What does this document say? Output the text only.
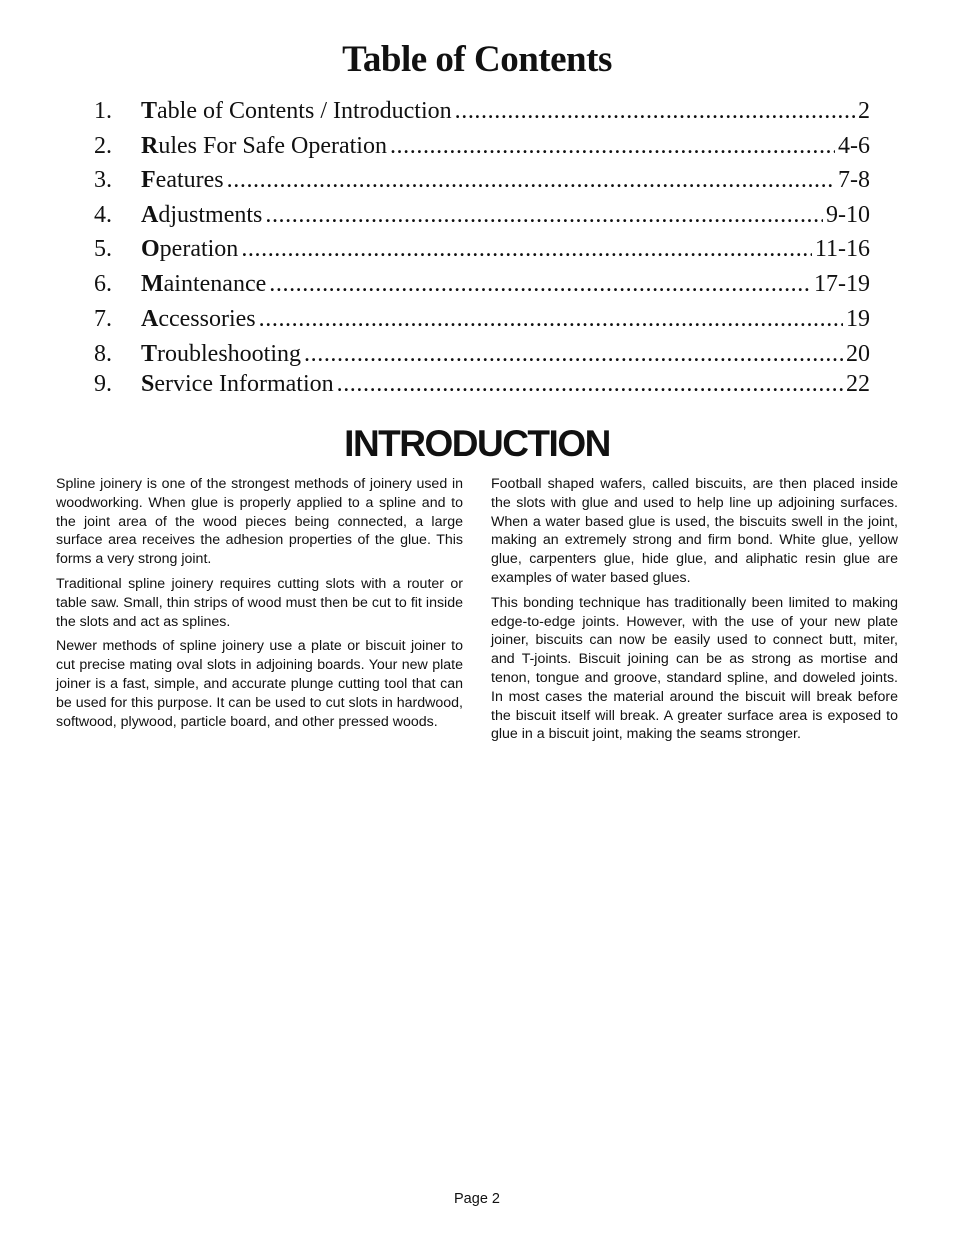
Table of Contents
1.	Table of Contents / Introduction .....	2
2.	Rules For Safe Operation .....	4-6
3.	Features .....	7-8
4.	Adjustments .....	9-10
5.	Operation .....	11-16
6.	Maintenance .....	17-19
7.	Accessories .....	19
8.	Troubleshooting .....	20
9.	Service Information .....	22
INTRODUCTION

Spline joinery is one of the strongest methods of joinery used in woodworking. When glue is properly applied to a spline and to the joint area of the wood pieces being connected, a large surface area receives the adhesion properties of the glue. This forms a very strong joint.

Traditional spline joinery requires cutting slots with a router or table saw. Small, thin strips of wood must then be cut to fit inside the slots and act as splines.

Newer methods of spline joinery use a plate or biscuit joiner to cut precise mating oval slots in adjoining boards. Your new plate joiner is a fast, simple, and accurate plunge cutting tool that can be used for this purpose. It can be used to cut slots in hardwood, softwood, plywood, particle board, and other pressed woods.

Football shaped wafers, called biscuits, are then placed inside the slots with glue and used to help line up adjoining surfaces. When a water based glue is used, the biscuits swell in the joint, making an extremely strong and firm bond. White glue, yellow glue, carpenters glue, hide glue, and aliphatic resin glue are examples of water based glues.

This bonding technique has traditionally been limited to making edge-to-edge joints. However, with the use of your new plate joiner, biscuits can now be easily used to connect butt, miter, and T-joints. Biscuit joining can be as strong as mortise and tenon, tongue and groove, standard spline, and doweled joints. In most cases the material around the biscuit will break before the biscuit itself will break. A greater surface area is exposed to glue in a biscuit joint, making the seams stronger.

Page 2
